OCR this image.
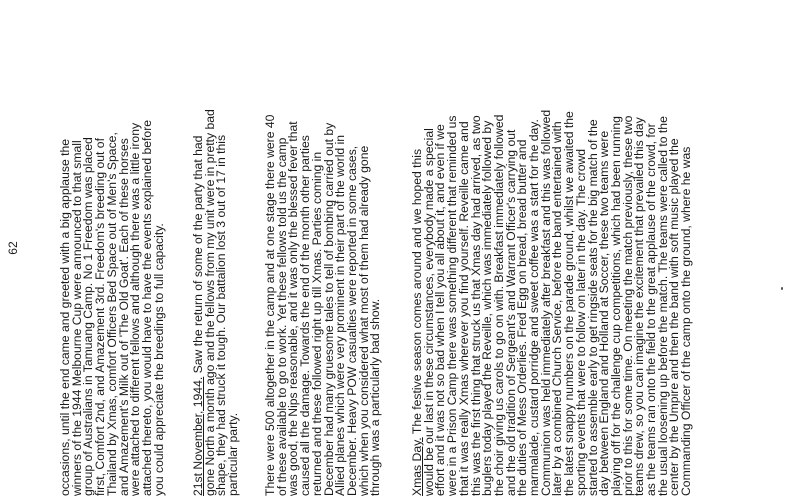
62	occasions, until the end came and greeted with a big applause the
winners of the 1944 Melbourne Cup were announced to that small
group of Australians in Tamuang Camp. No 1 Freedom was placed
first, Comfort 2nd, and Amazement 3rd. Freedom's breeding out of
Thailand by Xmas, comfort Officers Bed Space out of Men's Space,
and Amazement's Milk out of 'The Old Goat'. Each of these horses
were attached to different fellows and although there was a little irony
attached thereto, you would have to have the events explained before
you could appreciate the breedings to full capacity. 21st November, 1944. Saw the return of some of the party that had
gone North a month ago and the fellows from my unit were in pretty bad
shape, they had struck it tough. Our battalion lost 3 out of 17 in this
particular party. There were 500 altogether in the camp and at one stage there were 40
of these available to go to work. Yet these fellows told us the camp
was good, the Nips reasonable, and it was only the blessed fever that
caused all the damage. Towards the end of the month other parties
returned and these followed right up till Xmas. Parties coming in
December had many gruesome tales to tell of bombing carried out by
Allied planes which were very prominent in their part of the world in
December. Heavy POW casualties were reported in some cases,
which when you considered what most of them had already gone
through was a particularly bad show. Xmas Day. The festive season comes around and we hoped this
would be our last in these circumstances, everybody made a special
effort and it was not so bad when I tell you all about it, and even if we
were in a Prison Camp there was something different that reminded us
that it was really Xmas wherever you find yourself. Reveille came and
this was the first thing that struck us that Xmas day had arrived, as two
buglers today played the Reveille, which was immediately followed by
the choir giving us carols to go on with. Breakfast immediately followed
and the old tradition of Sergeant's and Warrant Officer's carrying out
the duties of Mess Orderlies. Fred Egg on bread, bread butter and
marmalade, custard porridge and sweet coffee was a start for the day.
Communion was held immediately after breakfast and this was followed
later by a combined Church Service, before the band entertained with
the latest snappy numbers on the parade ground, whilst we awaited the
sporting events that were to follow on later in the day. The crowd
started to assemble early to get ringside seats for the big match of the
day between England and Holland at Soccer, these two teams were
playing off for the challenge cup competitions, which had been running
prior to this for some time. On meeting the match previously, these two
teams drew, so you can imagine the excitement that prevailed this day
as the teams ran onto the field to the great applause of the crowd, for
the usual loosening up before the match. The teams were called to the
center by the Umpire and then the band with soft music played the
Commanding Officer of the camp onto the ground, where he was
